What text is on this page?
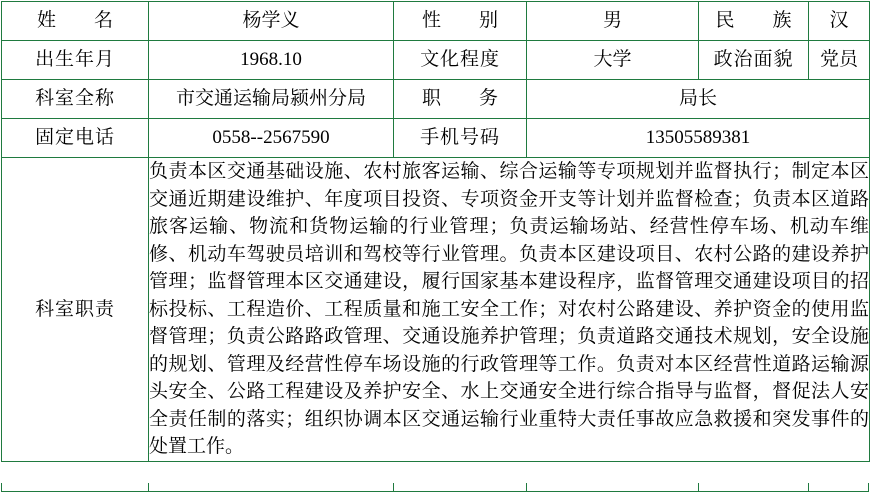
姓　名	杨学义	性　别	男	民　族	汉
出生年月	1968.10	文化程度	大学	政治面貌	党员
科室全称	市交通运输局颍州分局	职　务	局长		
固定电话	0558--2567590	手机号码	13505589381		
科室职责	负责本区交通基础设施、农村旅客运输、综合运输等专项规划并监督执行；制定本区交通近期建设维护、年度项目投资、专项资金开支等计划并监督检查；负责本区道路旅客运输、物流和货物运输的行业管理；负责运输场站、经营性停车场、机动车维修、机动车驾驶员培训和驾校等行业管理。负责本区建设项目、农村公路的建设养护管理；监督管理本区交通建设，履行国家基本建设程序，监督管理交通建设项目的招标投标、工程造价、工程质量和施工安全工作；对农村公路建设、养护资金的使用监督管理；负责公路路政管理、交通设施养护管理；负责道路交通技术规划，安全设施的规划、管理及经营性停车场设施的行政管理等工作。负责对本区经营性道路运输源头安全、公路工程建设及养护安全、水上交通安全进行综合指导与监督，督促法人安全责任制的落实；组织协调本区交通运输行业重特大责任事故应急救援和突发事件的处置工作。				
